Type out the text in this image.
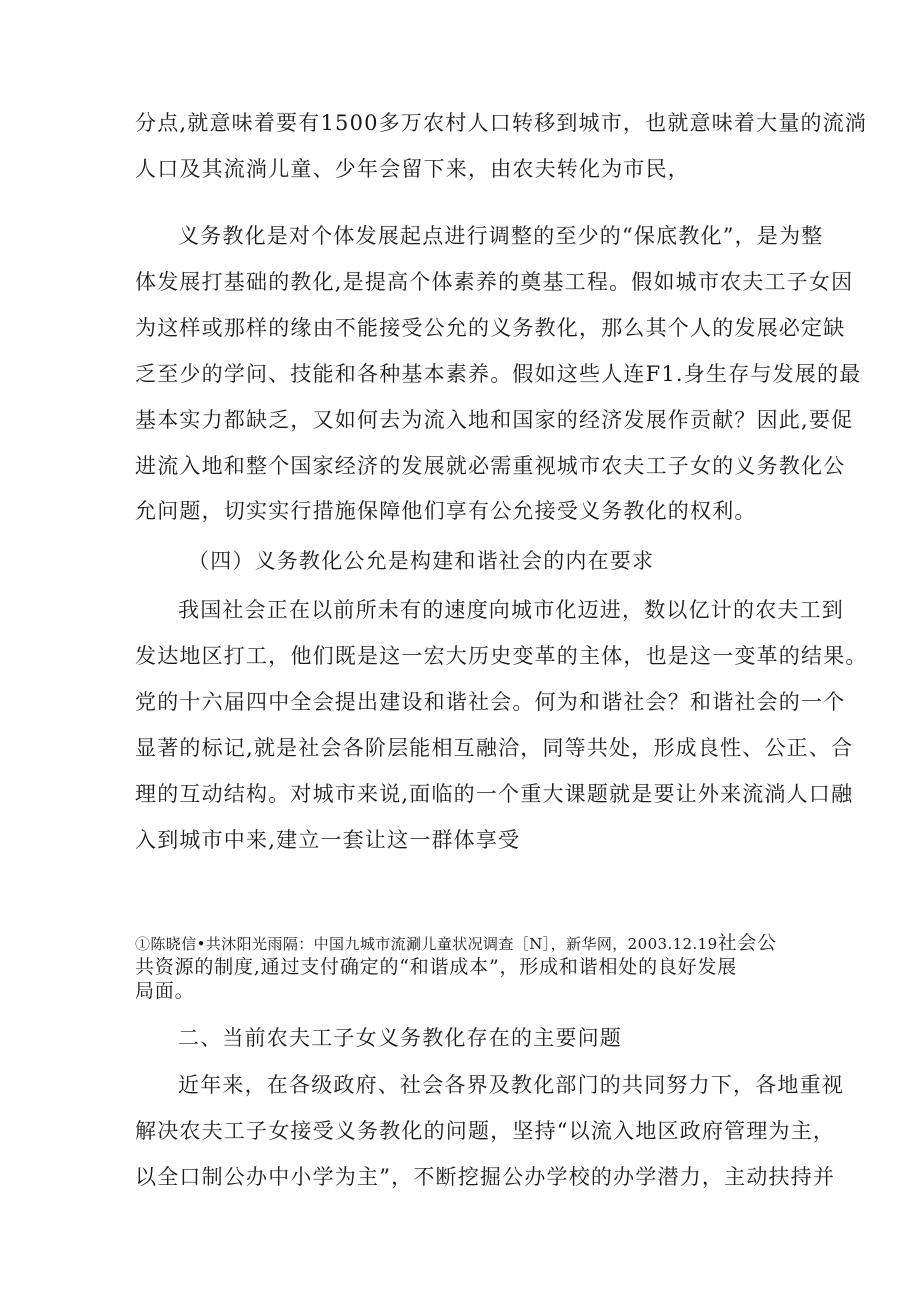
分点,就意味着要有1500多万农村人口转移到城市，也就意味着大量的流淌
人口及其流淌儿童、少年会留下来，由农夫转化为市民，
义务教化是对个体发展起点进行调整的至少的“保底教化”，是为整
体发展打基础的教化,是提高个体素养的奠基工程。假如城市农夫工子女因
为这样或那样的缘由不能接受公允的义务教化，那么其个人的发展必定缺
乏至少的学问、技能和各种基本素养。假如这些人连F1.身生存与发展的最
基本实力都缺乏，又如何去为流入地和国家的经济发展作贡献？因此,要促
进流入地和整个国家经济的发展就必需重视城市农夫工子女的义务教化公
允问题，切实实行措施保障他们享有公允接受义务教化的权利。
（四）义务教化公允是构建和谐社会的内在要求
我国社会正在以前所未有的速度向城市化迈进，数以亿计的农夫工到
发达地区打工，他们既是这一宏大历史变革的主体，也是这一变革的结果。
党的十六届四中全会提出建设和谐社会。何为和谐社会？和谐社会的一个
显著的标记,就是社会各阶层能相互融洽，同等共处，形成良性、公正、合
理的互动结构。对城市来说,面临的一个重大课题就是要让外来流淌人口融
入到城市中来,建立一套让这一群体享受
①陈晓信•共沐阳光雨隔：中国九城市流涮儿童状况调查［N］，新华网，2003.12.19社会公
共资源的制度,通过支付确定的“和谐成本”，形成和谐相处的良好发展
局面。
二、当前农夫工子女义务教化存在的主要问题
近年来，在各级政府、社会各界及教化部门的共同努力下，各地重视
解决农夫工子女接受义务教化的问题，坚持“以流入地区政府管理为主，
以全口制公办中小学为主”，不断挖掘公办学校的办学潜力，主动扶持并
